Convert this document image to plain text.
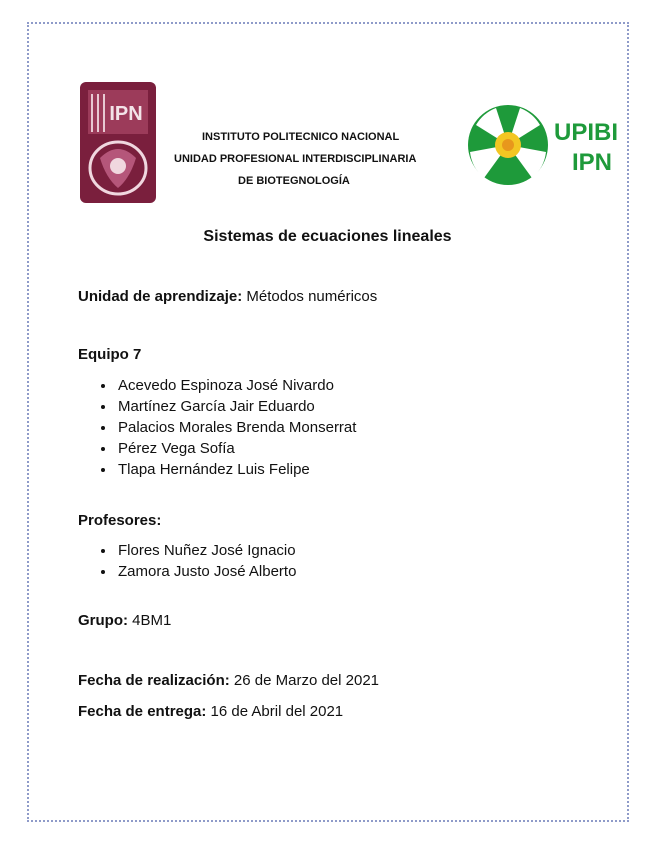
IPN
UPIBI
IPN
INSTITUTO POLITECNICO NACIONAL
UNIDAD PROFESIONAL INTERDISCIPLINARIA
DE BIOTEGNOLOGÍA
Sistemas de ecuaciones lineales
Unidad de aprendizaje: Métodos numéricos
Equipo 7
• Acevedo Espinoza José Nivardo
• Martínez García Jair Eduardo
• Palacios Morales Brenda Monserrat
• Pérez Vega Sofía
• Tlapa Hernández Luis Felipe
Profesores:
• Flores Nuñez José Ignacio
• Zamora Justo José Alberto
Grupo: 4BM1
Fecha de realización: 26 de Marzo del 2021
Fecha de entrega: 16 de Abril del 2021
